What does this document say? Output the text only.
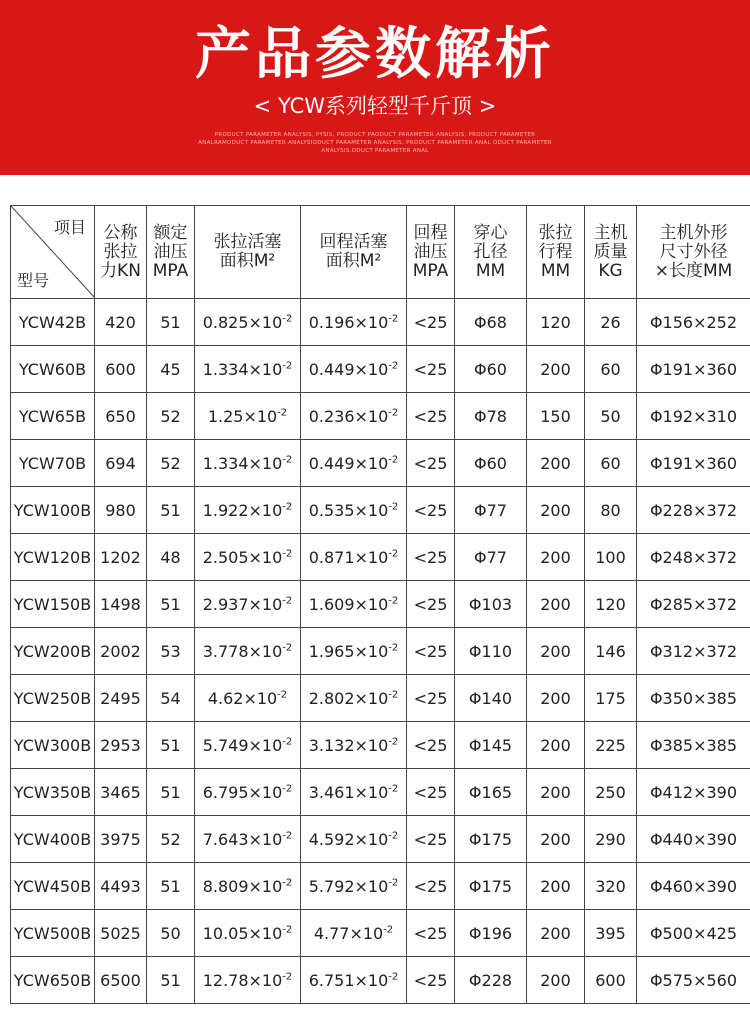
产品参数解析
< YCW系列轻型千斤顶 >
PRODUCT PARAMETER ANALYSIS, PYSIS, PRODUCT PAODUCT PARAMETER ANALYSIS, PRODUCT PARAMETER ANALRAMODUCT PARAMETER ANALYSIODUCT PARAMETER ANALYSIS, PRODUCT PARAMETER ANAL ODUCT PARAMETER ANALYSIS,ODUCT PARAMETER ANAL
项目
型号	公称
张拉
力KN	额定
油压
MPA	张拉活塞
面积M²	回程活塞
面积M²	回程
油压
MPA	穿心
孔径
MM	张拉
行程
MM	主机
质量
KG	主机外形
尺寸外径
×长度MM
YCW42B	420	51	$0.825\times 10^{-2}$	$0.196\times 10^{-2}$	<25	Φ68	120	26	Φ156×252
YCW60B	600	45	$1.334\times 10^{-2}$	$0.449\times 10^{-2}$	<25	Φ60	200	60	Φ191×360
YCW65B	650	52	$1.25\times 10^{-2}$	$0.236\times 10^{-2}$	<25	Φ78	150	50	Φ192×310
YCW70B	694	52	$1.334\times 10^{-2}$	$0.449\times 10^{-2}$	<25	Φ60	200	60	Φ191×360
YCW100B	980	51	$1.922\times 10^{-2}$	$0.535\times 10^{-2}$	<25	Φ77	200	80	Φ228×372
YCW120B	1202	48	$2.505\times 10^{-2}$	$0.871\times 10^{-2}$	<25	Φ77	200	100	Φ248×372
YCW150B	1498	51	$2.937\times 10^{-2}$	$1.609\times 10^{-2}$	<25	Φ103	200	120	Φ285×372
YCW200B	2002	53	$3.778\times 10^{-2}$	$1.965\times 10^{-2}$	<25	Φ110	200	146	Φ312×372
YCW250B	2495	54	$4.62\times 10^{-2}$	$2.802\times 10^{-2}$	<25	Φ140	200	175	Φ350×385
YCW300B	2953	51	$5.749\times 10^{-2}$	$3.132\times 10^{-2}$	<25	Φ145	200	225	Φ385×385
YCW350B	3465	51	$6.795\times 10^{-2}$	$3.461\times 10^{-2}$	<25	Φ165	200	250	Φ412×390
YCW400B	3975	52	$7.643\times 10^{-2}$	$4.592\times 10^{-2}$	<25	Φ175	200	290	Φ440×390
YCW450B	4493	51	$8.809\times 10^{-2}$	$5.792\times 10^{-2}$	<25	Φ175	200	320	Φ460×390
YCW500B	5025	50	$10.05\times 10^{-2}$	$4.77\times 10^{-2}$	<25	Φ196	200	395	Φ500×425
YCW650B	6500	51	$12.78\times 10^{-2}$	$6.751\times 10^{-2}$	<25	Φ228	200	600	Φ575×560
